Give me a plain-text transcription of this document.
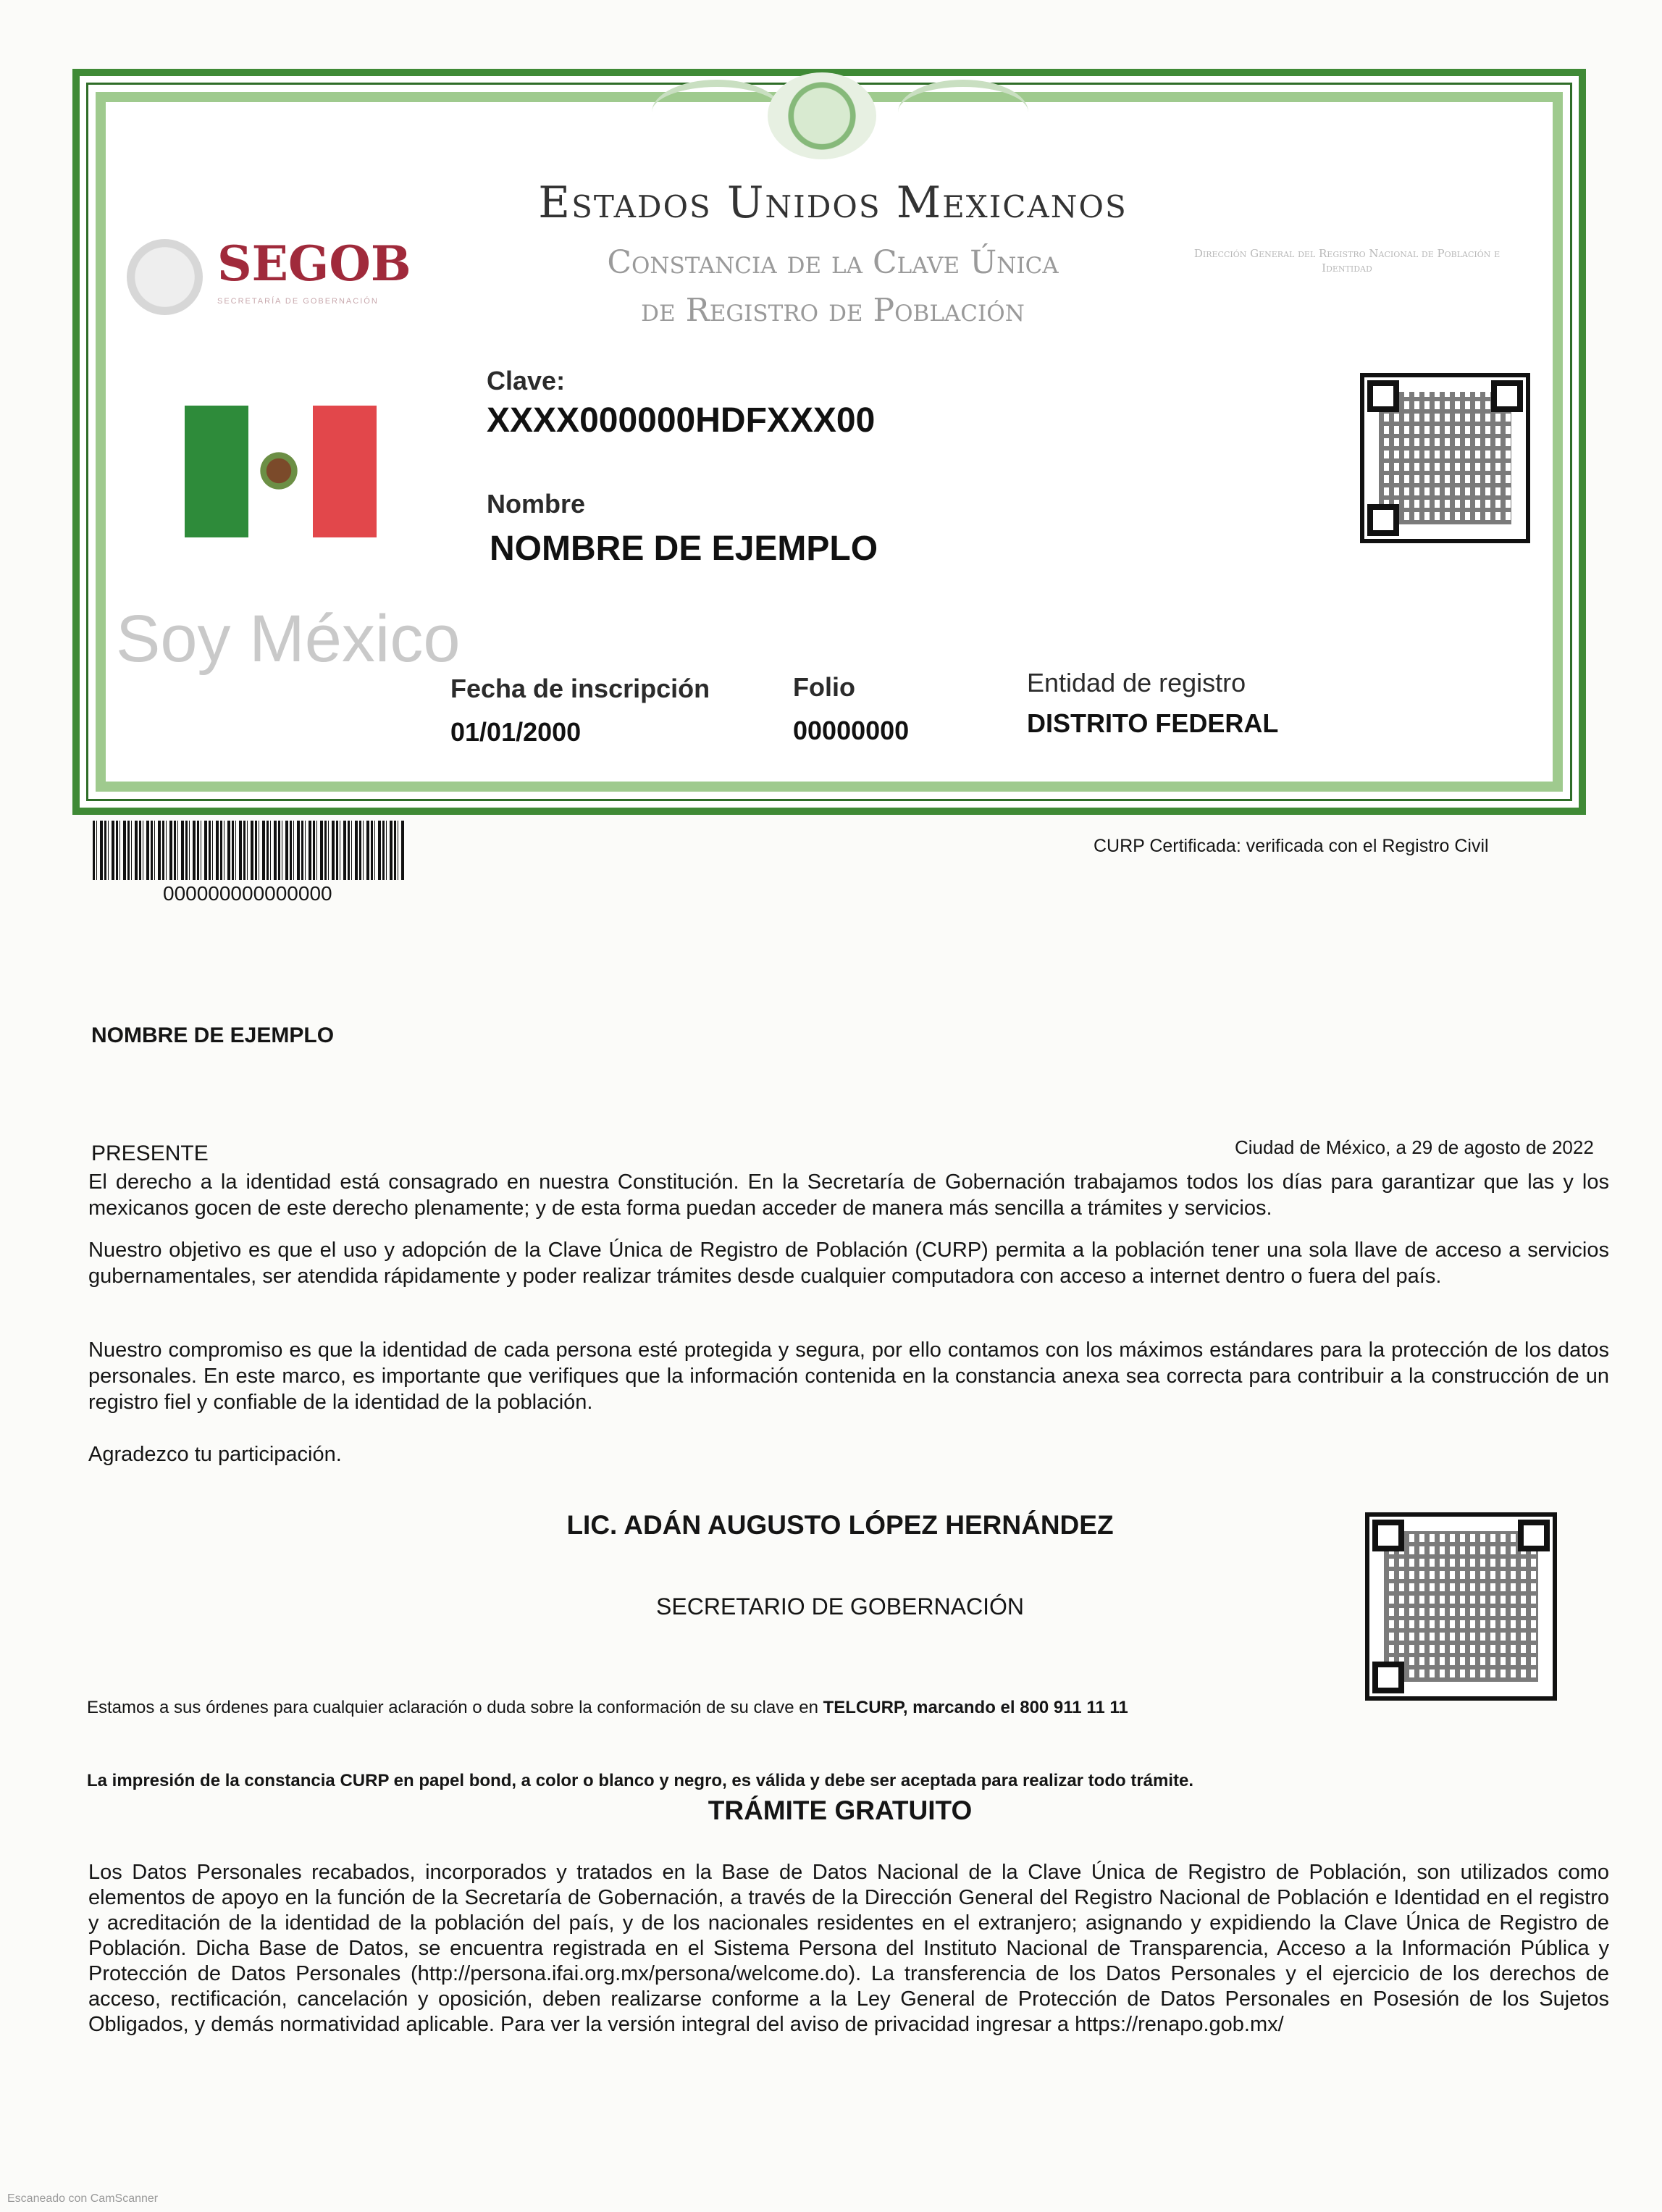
Estados Unidos Mexicanos
Constancia de la Clave Única
de Registro de Población
SEGOB
SECRETARÍA DE GOBERNACIÓN
Dirección General del Registro Nacional de Población e Identidad
Soy México
Clave:
XXXX000000HDFXXX00
Nombre
NOMBRE DE EJEMPLO
Fecha de inscripción
01/01/2000
Folio
00000000
Entidad de registro
DISTRITO FEDERAL
000000000000000
CURP Certificada: verificada con el Registro Civil
NOMBRE DE EJEMPLO
PRESENTE	Ciudad de México, a 29 de agosto de 2022
El derecho a la identidad está consagrado en nuestra Constitución. En la Secretaría de Gobernación trabajamos todos los días para garantizar que las y los mexicanos gocen de este derecho plenamente; y de esta forma puedan acceder de manera más sencilla a trámites y servicios.
Nuestro objetivo es que el uso y adopción de la Clave Única de Registro de Población (CURP) permita a la población tener una sola llave de acceso a servicios gubernamentales, ser atendida rápidamente y poder realizar trámites desde cualquier computadora con acceso a internet dentro o fuera del país.
Nuestro compromiso es que la identidad de cada persona esté protegida y segura, por ello contamos con los máximos estándares para la protección de los datos personales. En este marco, es importante que verifiques que la información contenida en la constancia anexa sea correcta para contribuir a la construcción de un registro fiel y confiable de la identidad de la población.
Agradezco tu participación.
LIC. ADÁN AUGUSTO LÓPEZ HERNÁNDEZ
SECRETARIO DE GOBERNACIÓN
Estamos a sus órdenes para cualquier aclaración o duda sobre la conformación de su clave en TELCURP, marcando el 800 911 11 11
La impresión de la constancia CURP en papel bond, a color o blanco y negro, es válida y debe ser aceptada para realizar todo trámite.
TRÁMITE GRATUITO
Los Datos Personales recabados, incorporados y tratados en la Base de Datos Nacional de la Clave Única de Registro de Población, son utilizados como elementos de apoyo en la función de la Secretaría de Gobernación, a través de la Dirección General del Registro Nacional de Población e Identidad en el registro y acreditación de la identidad de la población del país, y de los nacionales residentes en el extranjero; asignando y expidiendo la Clave Única de Registro de Población. Dicha Base de Datos, se encuentra registrada en el Sistema Persona del Instituto Nacional de Transparencia, Acceso a la Información Pública y Protección de Datos Personales (http://persona.ifai.org.mx/persona/welcome.do). La transferencia de los Datos Personales y el ejercicio de los derechos de acceso, rectificación, cancelación y oposición, deben realizarse conforme a la Ley General de Protección de Datos Personales en Posesión de los Sujetos Obligados, y demás normatividad aplicable. Para ver la versión integral del aviso de privacidad ingresar a https://renapo.gob.mx/
Escaneado con CamScanner
